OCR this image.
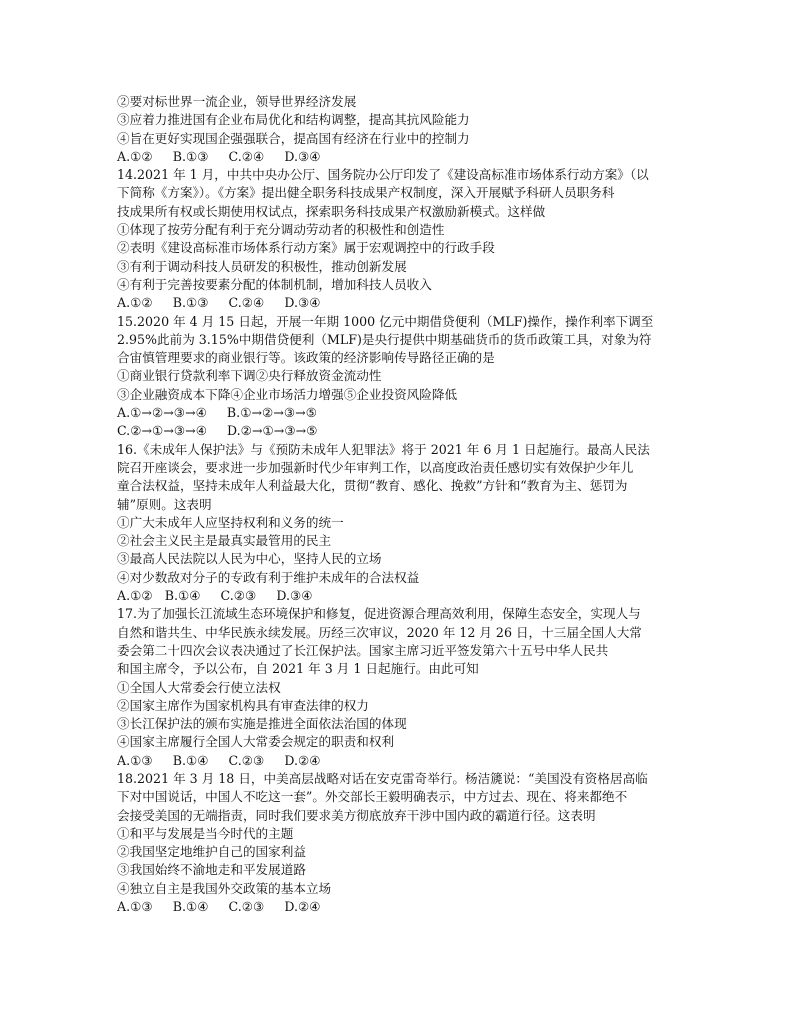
②要对标世界一流企业，领导世界经济发展
③应着力推进国有企业布局优化和结构调整，提高其抗风险能力
④旨在更好实现国企强强联合，提高国有经济在行业中的控制力
A.①②     B.①③     C.②④     D.③④
14.2021 年 1 月，中共中央办公厅、国务院办公厅印发了《建设高标准市场体系行动方案》（以
下简称《方案》）。《方案》提出健全职务科技成果产权制度，深入开展赋予科研人员职务科
技成果所有权或长期使用权试点，探索职务科技成果产权激励新模式。这样做
①体现了按劳分配有利于充分调动劳动者的积极性和创造性
②表明《建设高标准市场体系行动方案》属于宏观调控中的行政手段
③有利于调动科技人员研发的积极性，推动创新发展
④有利于完善按要素分配的体制机制，增加科技人员收入
A.①②     B.①③     C.②④     D.③④
15.2020 年 4 月 15 日起，开展一年期 1000 亿元中期借贷便利（MLF)操作，操作利率下调至
2.95%此前为 3.15%中期借贷便利（MLF)是央行提供中期基础货币的货币政策工具，对象为符
合宙慎管理要求的商业银行等。该政策的经济影响传导路径正确的是
①商业银行贷款利率下调②央行释放资金流动性
③企业融资成本下降④企业市场活力增强⑤企业投资风险降低
A.①→②→③→④     B.①→②→③→⑤
C.②→①→③→④     D.②→①→③→⑤
16.《未成年人保护法》与《预防未成年人犯罪法》将于 2021 年 6 月 1 日起施行。最高人民法
院召开座谈会，要求进一步加强新时代少年审判工作，以高度政治责任感切实有效保护少年儿
童合法权益，坚持未成年人利益最大化，贯彻“教育、感化、挽救”方针和“教育为主、惩罚为
辅”原则。这表明
①广大未成年人应坚持权利和义务的统一
②社会主义民主是最真实最管用的民主
③最高人民法院以人民为中心，坚持人民的立场
④对少数敌对分子的专政有利于维护未成年的合法权益
A.①②   B.①④     C.②③     D.③④
17.为了加强长江流域生态环境保护和修复，促进资源合理高效利用，保障生态安全，实现人与
自然和谐共生、中华民族永续发展。历经三次审议，2020 年 12 月 26 日，十三届全国人大常
委会第二十四次会议表决通过了长江保护法。国家主席习近平签发第六十五号中华人民共
和国主席令，予以公布，自 2021 年 3 月 1 日起施行。由此可知
①全国人大常委会行使立法权
②国家主席作为国家机构具有审查法律的权力
③长江保护法的颁布实施是推进全面依法治国的体现
④国家主席履行全国人大常委会规定的职责和权利
A.①③     B.①④     C.②③     D.②④
18.2021 年 3 月 18 日，中美高层战略对话在安克雷奇举行。杨洁篪说：“美国没有资格居高临
下对中国说话，中国人不吃这一套”。外交部长王毅明确表示，中方过去、现在、将来都绝不
会接受美国的无端指责，同时我们要求美方彻底放弃干涉中国内政的霸道行径。这表明
①和平与发展是当今时代的主题
②我国坚定地维护自己的国家利益
③我国始终不渝地走和平发展道路
④独立自主是我国外交政策的基本立场
A.①③     B.①④     C.②③     D.②④
